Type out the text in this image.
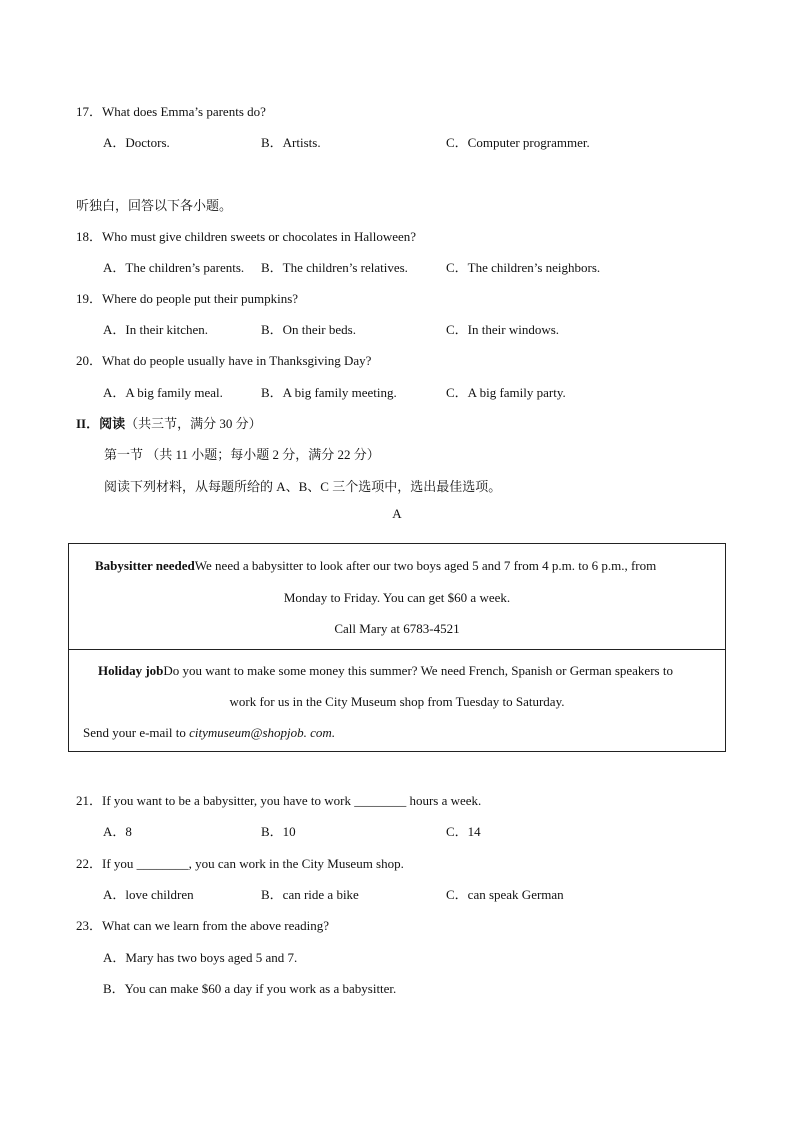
17．What does Emma’s parents do?
A．Doctors.	B．Artists.	C．Computer programmer.
听独白，回答以下各小题。
18．Who must give children sweets or chocolates in Halloween?
A．The children’s parents. B．The children’s relatives.	C．The children’s neighbors.
19．Where do people put their pumpkins?
A．In their kitchen.	B．On their beds.	C．In their windows.
20．What do people usually have in Thanksgiving Day?
A．A big family meal.	B．A big family meeting.	C．A big family party.
II．阅读（共三节，满分 30 分）
第一节 （共 11 小题；每小题 2 分，满分 22 分）
阅读下列材料，从每题所给的 A、B、C 三个选项中，选出最佳选项。
A
Babysitter neededWe need a babysitter to look after our two boys aged 5 and 7 from 4 p.m. to 6 p.m., from
Monday to Friday. You can get $60 a week.
Call Mary at 6783-4521
Holiday jobDo you want to make some money this summer? We need French, Spanish or German speakers to
work for us in the City Museum shop from Tuesday to Saturday.
Send your e-mail to citymuseum@shopjob. com.
21．If you want to be a babysitter, you have to work ________ hours a week.
A．8	B．10	C．14
22．If you ________, you can work in the City Museum shop.
A．love children	B．can ride a bike	C．can speak German
23．What can we learn from the above reading?
A．Mary has two boys aged 5 and 7.
B．You can make $60 a day if you work as a babysitter.
